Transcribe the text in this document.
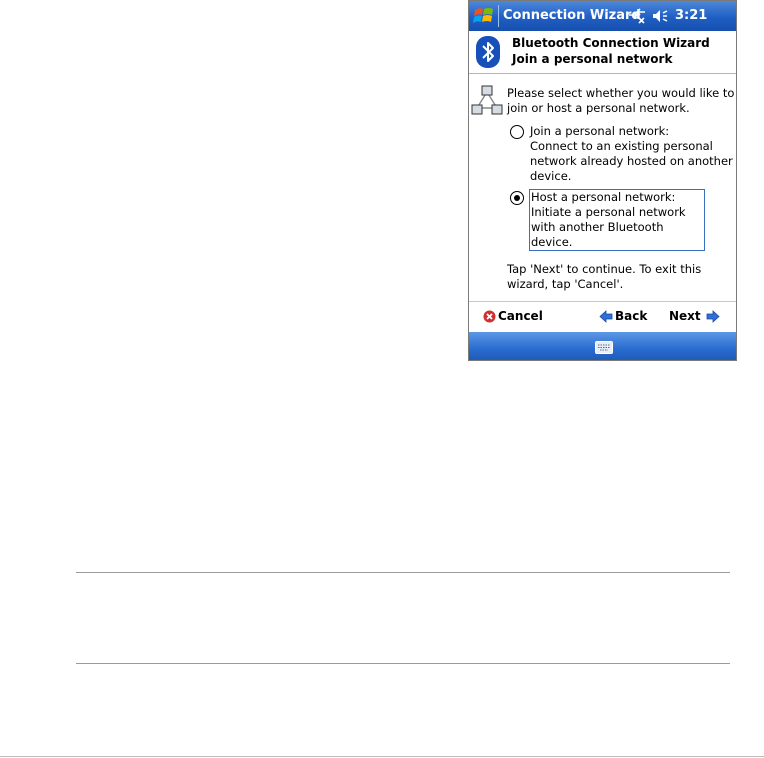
Connection Wizard	3:21
Bluetooth Connection Wizard
Join a personal network
Please select whether you would like to join or host a personal network.
Join a personal network:
Connect to an existing personal network already hosted on another device.
Host a personal network:
Initiate a personal network with another Bluetooth device.
Tap 'Next' to continue. To exit this wizard, tap 'Cancel'.
Cancel	Back Next
